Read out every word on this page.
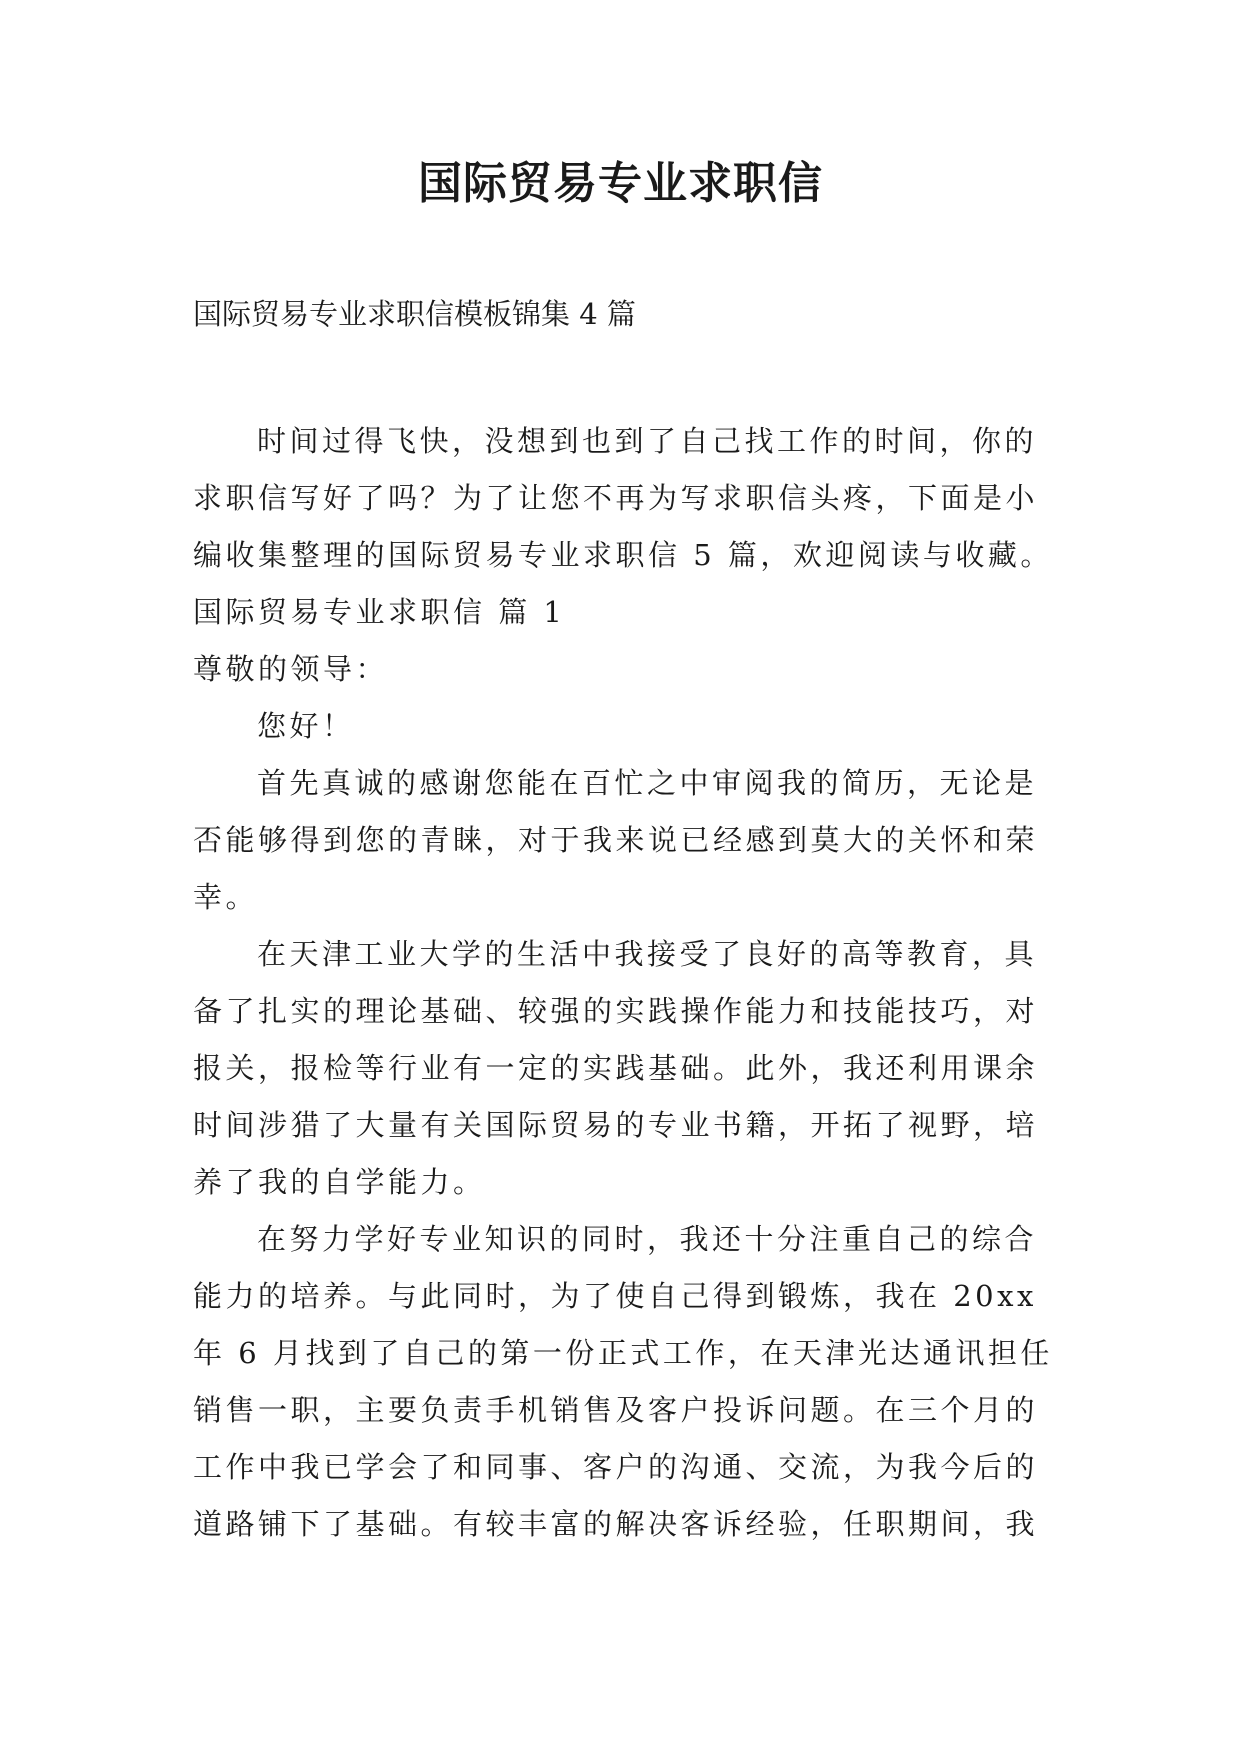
国际贸易专业求职信

国际贸易专业求职信模板锦集 4 篇

时间过得飞快，没想到也到了自己找工作的时间，你的
求职信写好了吗？为了让您不再为写求职信头疼，下面是小
编收集整理的国际贸易专业求职信 5 篇，欢迎阅读与收藏。
国际贸易专业求职信 篇 1
尊敬的领导：
您好！
首先真诚的感谢您能在百忙之中审阅我的简历，无论是
否能够得到您的青睐，对于我来说已经感到莫大的关怀和荣
幸。
在天津工业大学的生活中我接受了良好的高等教育，具
备了扎实的理论基础、较强的实践操作能力和技能技巧，对
报关，报检等行业有一定的实践基础。此外，我还利用课余
时间涉猎了大量有关国际贸易的专业书籍，开拓了视野，培
养了我的自学能力。
在努力学好专业知识的同时，我还十分注重自己的综合
能力的培养。与此同时，为了使自己得到锻炼，我在 20xx
年 6 月找到了自己的第一份正式工作，在天津光达通讯担任
销售一职，主要负责手机销售及客户投诉问题。在三个月的
工作中我已学会了和同事、客户的沟通、交流，为我今后的
道路铺下了基础。有较丰富的解决客诉经验，任职期间，我
